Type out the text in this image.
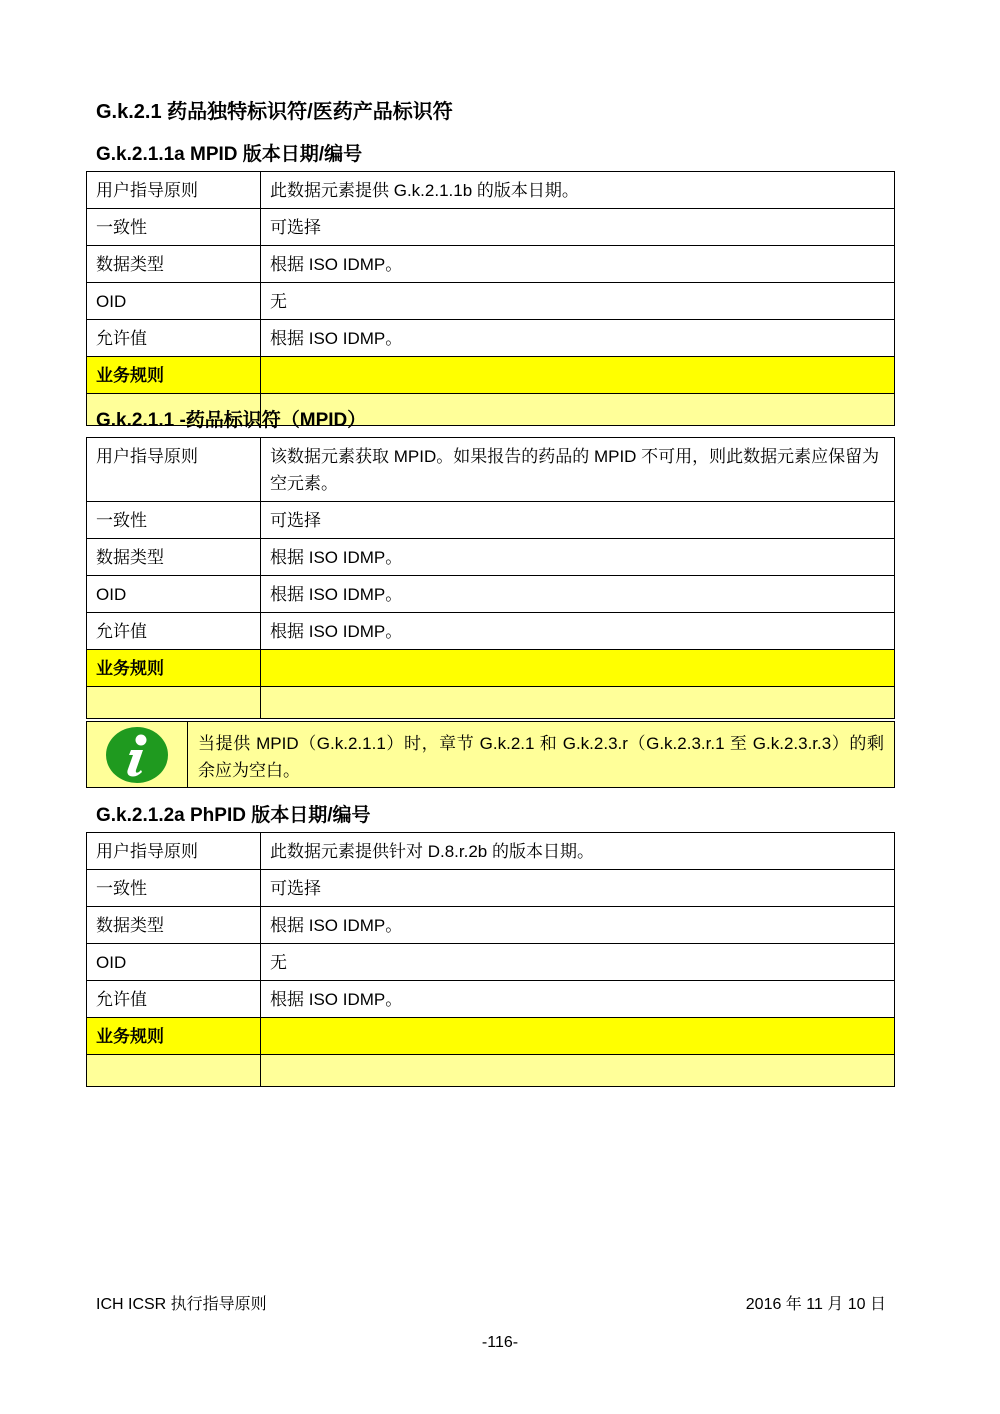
G.k.2.1 药品独特标识符/医药产品标识符
G.k.2.1.1a MPID 版本日期/编号
用户指导原则	此数据元素提供 G.k.2.1.1b 的版本日期。
一致性	可选择
数据类型	根据 ISO IDMP。
OID	无
允许值	根据 ISO IDMP。
业务规则	

G.k.2.1.1 -药品标识符（MPID）
用户指导原则	该数据元素获取 MPID。如果报告的药品的 MPID 不可用，则此数据元素应保留为空元素。
一致性	可选择
数据类型	根据 ISO IDMP。
OID	根据 ISO IDMP。
允许值	根据 ISO IDMP。
业务规则	

当提供 MPID（G.k.2.1.1）时，章节 G.k.2.1 和 G.k.2.3.r（G.k.2.3.r.1 至 G.k.2.3.r.3）的剩余应为空白。
G.k.2.1.2a PhPID 版本日期/编号
用户指导原则	此数据元素提供针对 D.8.r.2b 的版本日期。
一致性	可选择
数据类型	根据 ISO IDMP。
OID	无
允许值	根据 ISO IDMP。
业务规则	

ICH ICSR 执行指导原则	2016 年 11 月 10 日
-116-
